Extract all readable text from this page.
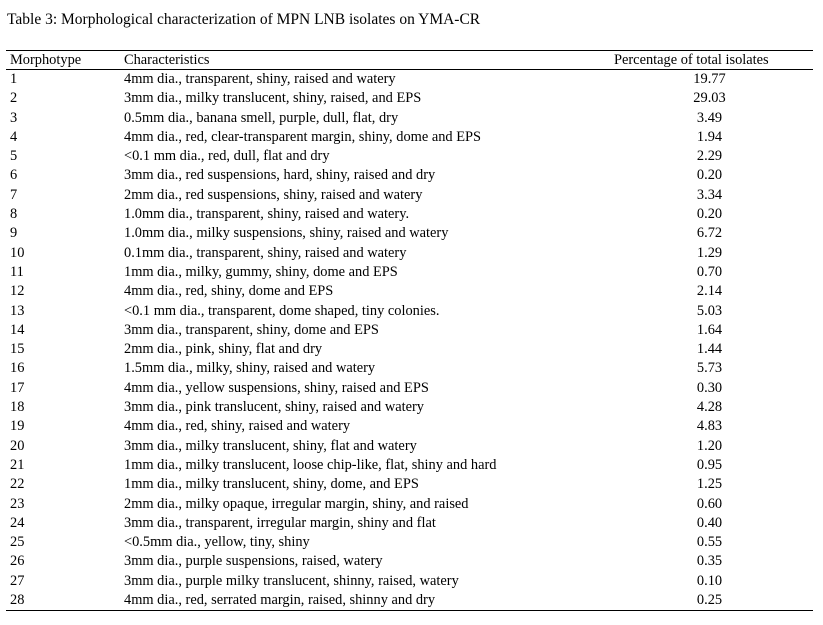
Table 3: Morphological characterization of MPN LNB isolates on YMA-CR
Morphotype	Characteristics	Percentage of total isolates
1	4mm dia., transparent, shiny, raised and watery	19.77
2	3mm dia., milky translucent, shiny, raised, and EPS	29.03
3	0.5mm dia., banana smell, purple, dull, flat, dry	3.49
4	4mm dia., red, clear-transparent margin, shiny, dome and EPS	1.94
5	<0.1 mm dia., red, dull, flat and dry	2.29
6	3mm dia., red suspensions, hard, shiny, raised and dry	0.20
7	2mm dia., red suspensions, shiny, raised and watery	3.34
8	1.0mm dia., transparent, shiny, raised and watery.	0.20
9	1.0mm dia., milky suspensions, shiny, raised and watery	6.72
10	0.1mm dia., transparent, shiny, raised and watery	1.29
11	1mm dia., milky, gummy, shiny, dome and EPS	0.70
12	4mm dia., red, shiny, dome and EPS	2.14
13	<0.1 mm dia., transparent, dome shaped, tiny colonies.	5.03
14	3mm dia., transparent, shiny, dome and EPS	1.64
15	2mm dia., pink, shiny, flat and dry	1.44
16	1.5mm dia., milky, shiny, raised and watery	5.73
17	4mm dia., yellow suspensions, shiny, raised and EPS	0.30
18	3mm dia., pink translucent, shiny, raised and watery	4.28
19	4mm dia., red, shiny, raised and watery	4.83
20	3mm dia., milky translucent, shiny, flat and watery	1.20
21	1mm dia., milky translucent, loose chip-like, flat, shiny and hard	0.95
22	1mm dia., milky translucent, shiny, dome, and EPS	1.25
23	2mm dia., milky opaque, irregular margin, shiny, and raised	0.60
24	3mm dia., transparent, irregular margin, shiny and flat	0.40
25	<0.5mm dia., yellow, tiny, shiny	0.55
26	3mm dia., purple suspensions, raised, watery	0.35
27	3mm dia., purple milky translucent, shinny, raised, watery	0.10
28	4mm dia., red, serrated margin, raised, shinny and dry	0.25
